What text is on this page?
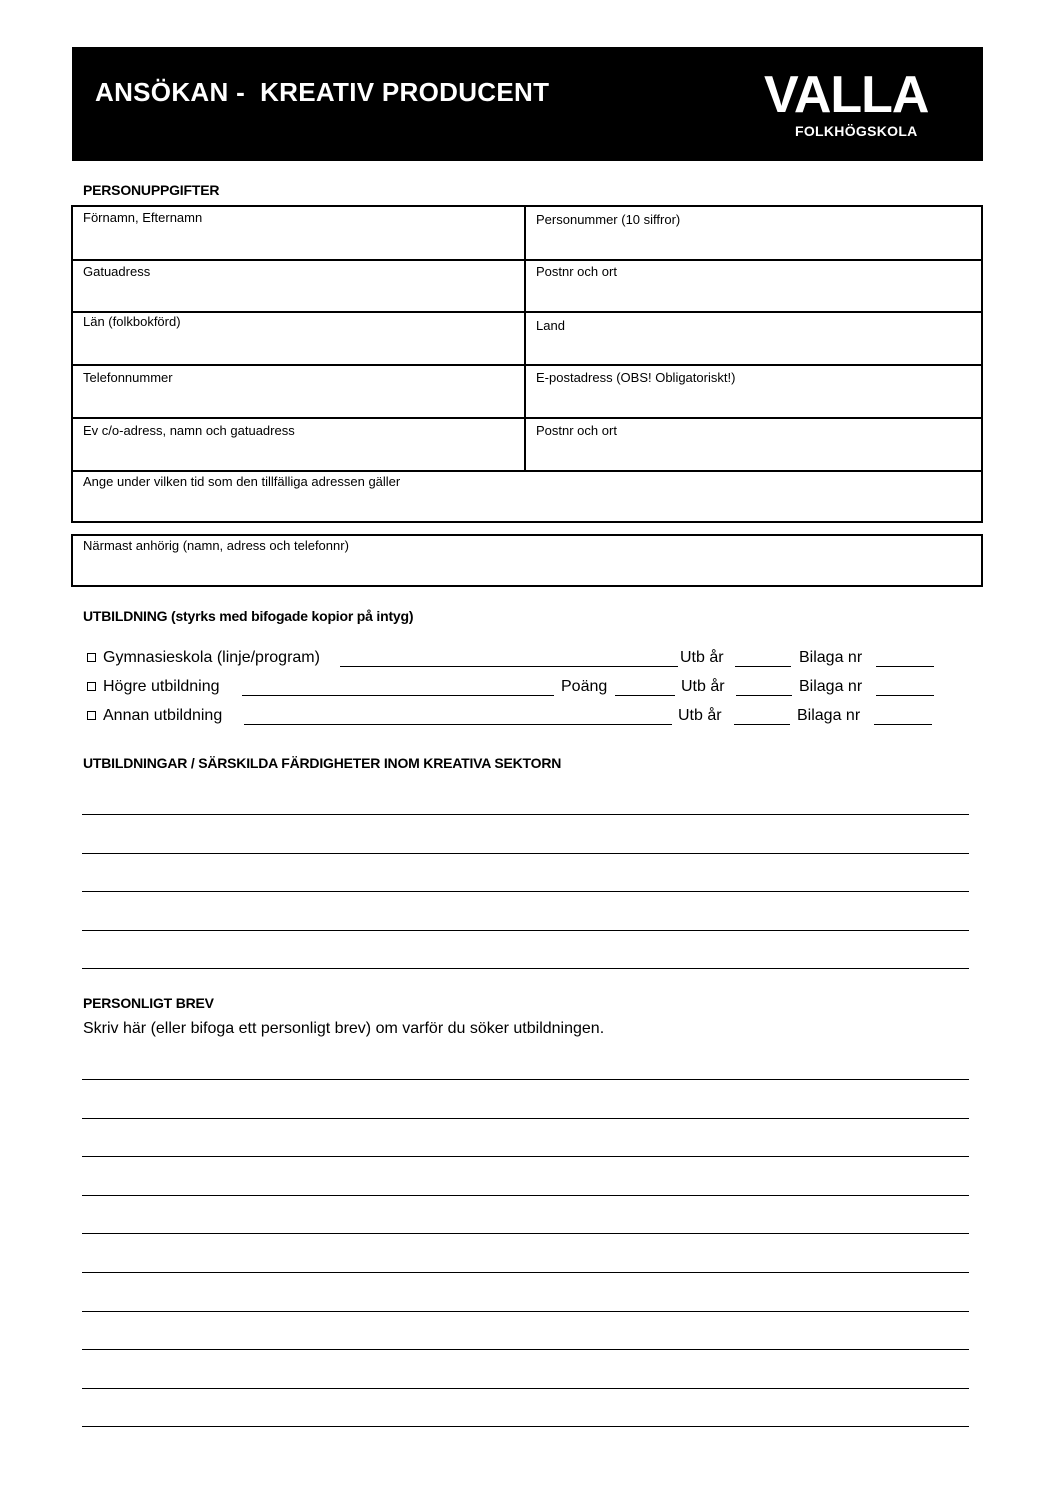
ANSÖKAN -  KREATIV PRODUCENT	VALLA
FOLKHÖGSKOLA
PERSONUPPGIFTER
Förnamn, Efternamn	Personummer (10 siffror)
Gatuadress	Postnr och ort
Län (folkbokförd)	Land
Telefonnummer	E-postadress (OBS! Obligatoriskt!)
Ev c/o-adress, namn och gatuadress	Postnr och ort
Ange under vilken tid som den tillfälliga adressen gäller
Närmast anhörig (namn, adress och telefonnr)
UTBILDNING (styrks med bifogade kopior på intyg)
Gymnasieskola (linje/program)	Utb år	Bilaga nr
Högre utbildning	Poäng	Utb år	Bilaga nr
Annan utbildning	Utb år	Bilaga nr
UTBILDNINGAR / SÄRSKILDA FÄRDIGHETER INOM KREATIVA SEKTORN
PERSONLIGT BREV
Skriv här (eller bifoga ett personligt brev) om varför du söker utbildningen.
